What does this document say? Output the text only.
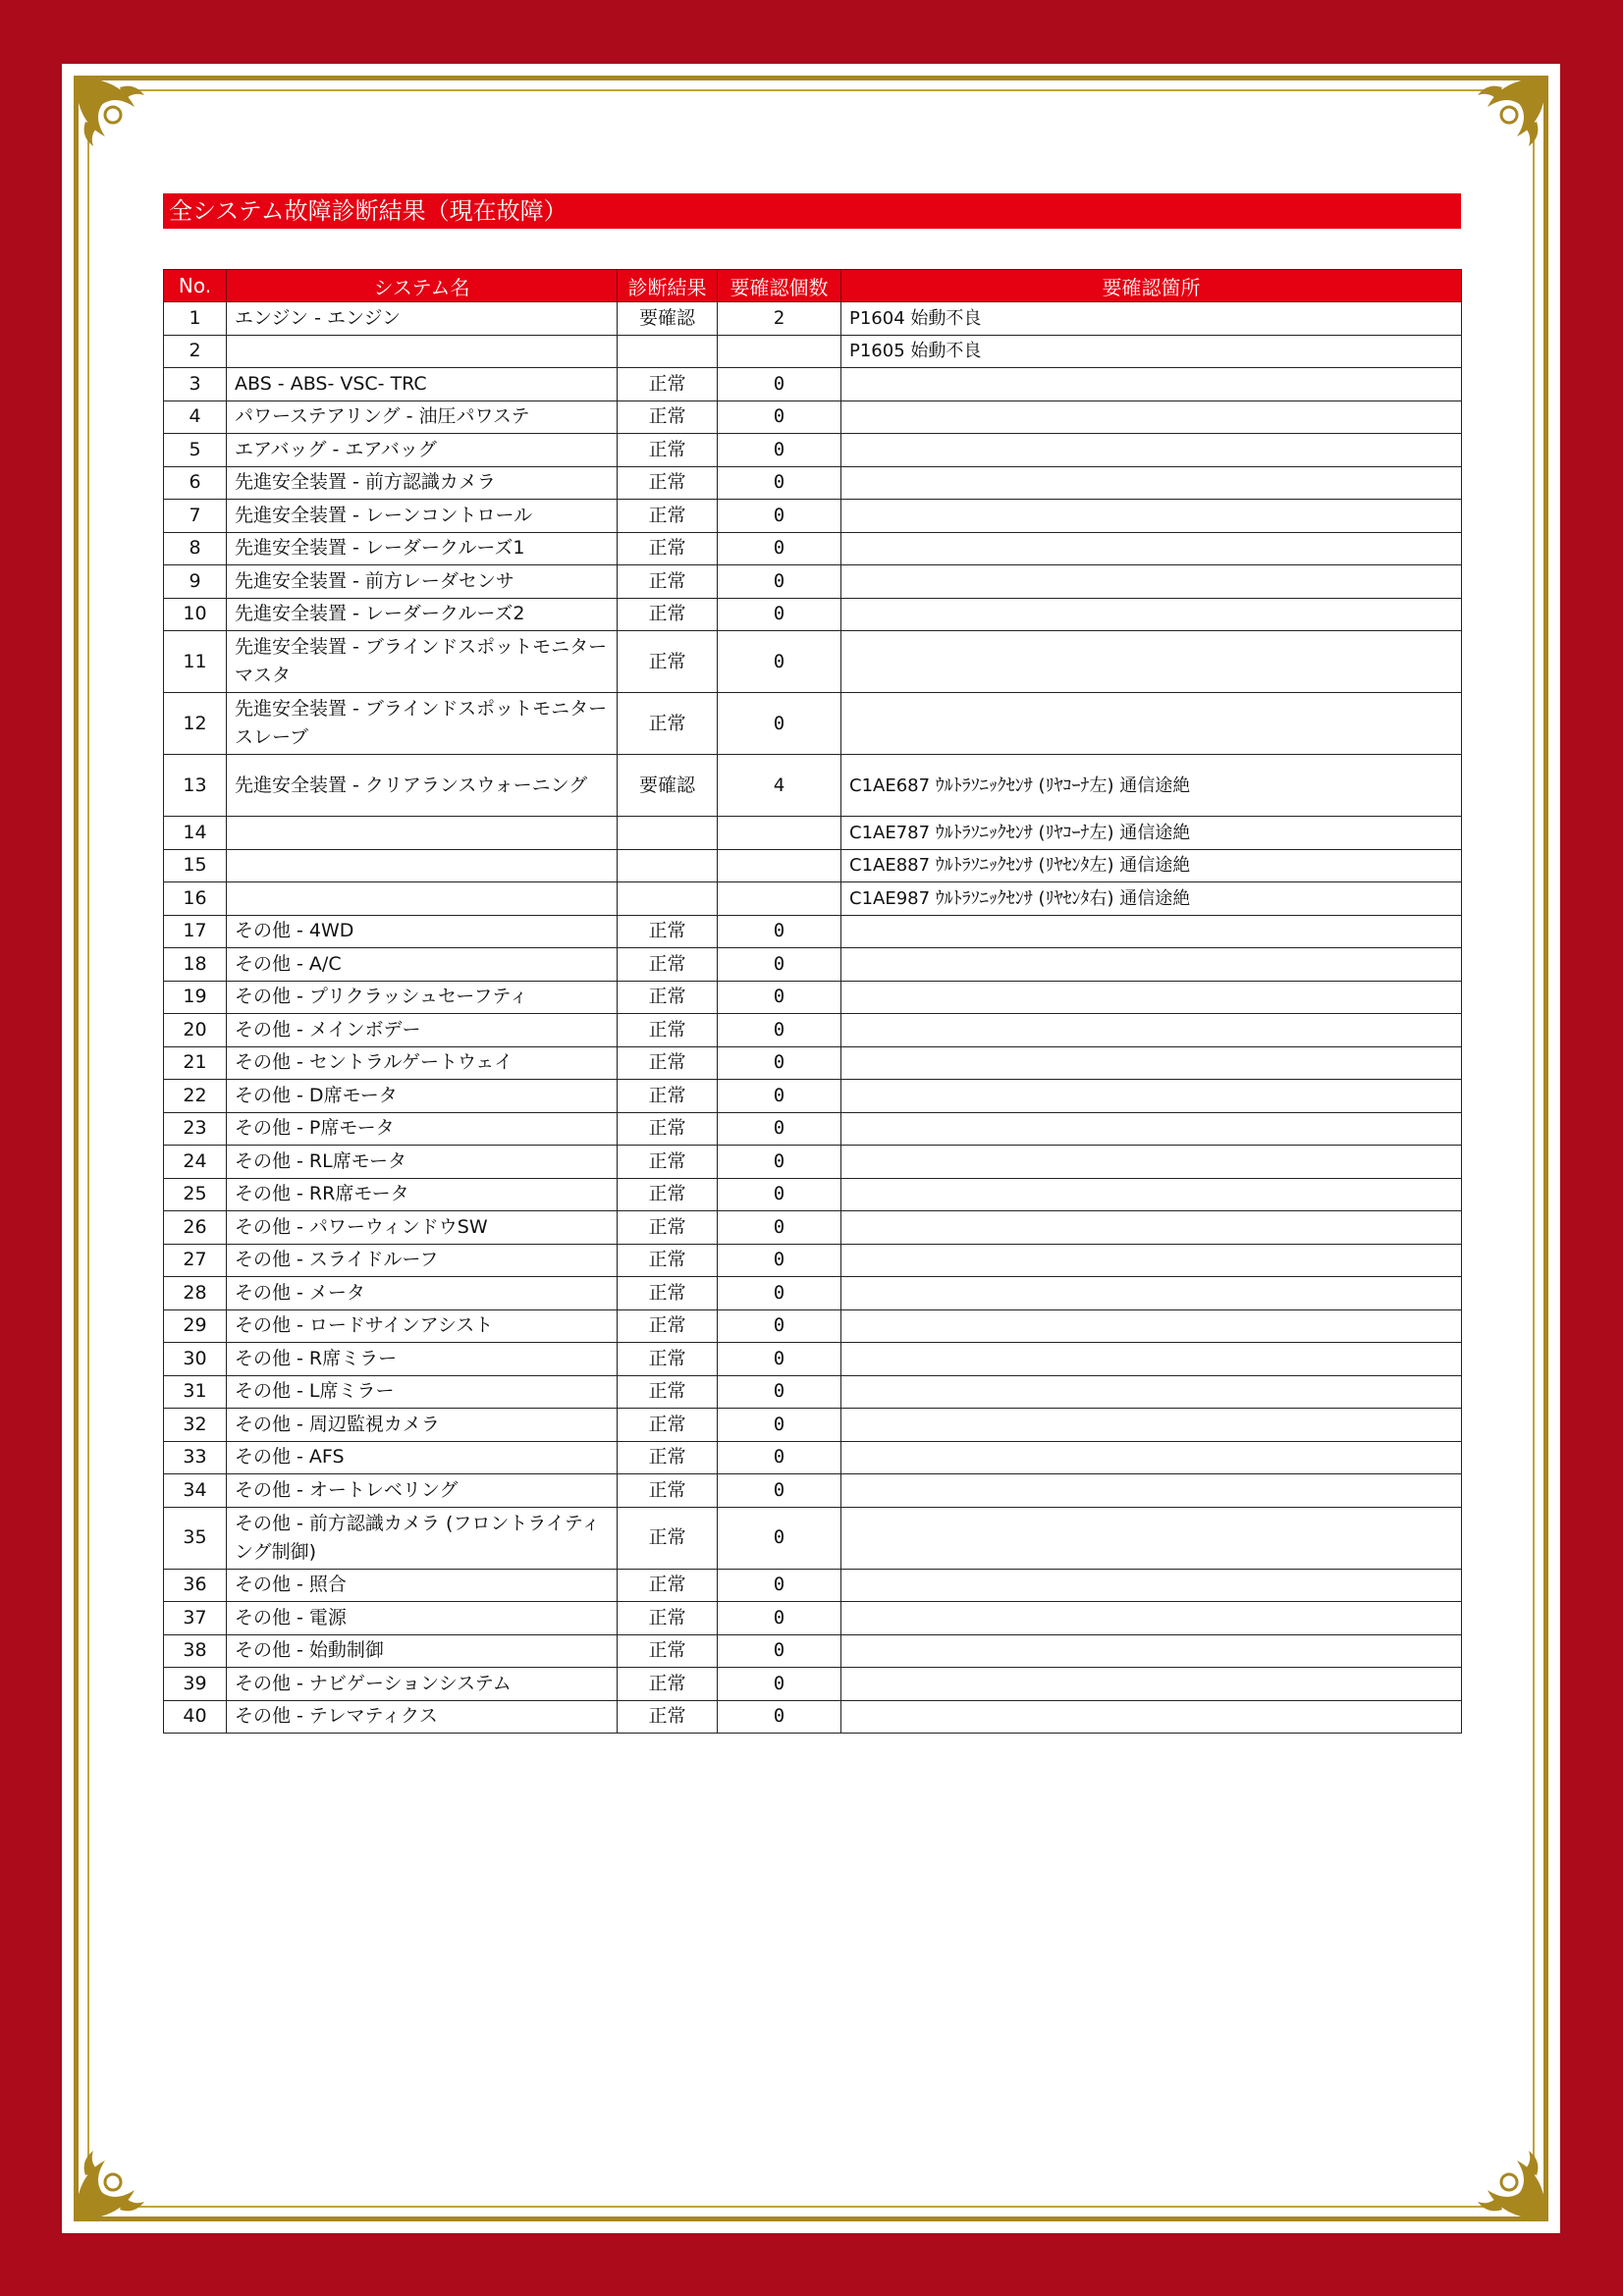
全システム故障診断結果（現在故障）
No.	システム名	診断結果	要確認個数	要確認箇所
1	エンジン - エンジン	要確認	2	P1604 始動不良
2				P1605 始動不良
3	ABS - ABS- VSC- TRC	正常	0	
4	パワーステアリング - 油圧パワステ	正常	0	
5	エアバッグ - エアバッグ	正常	0	
6	先進安全装置 - 前方認識カメラ	正常	0	
7	先進安全装置 - レーンコントロール	正常	0	
8	先進安全装置 - レーダークルーズ1	正常	0	
9	先進安全装置 - 前方レーダセンサ	正常	0	
10	先進安全装置 - レーダークルーズ2	正常	0	
11	先進安全装置 - ブラインドスポットモニター マスタ	正常	0	
12	先進安全装置 - ブラインドスポットモニター スレーブ	正常	0	
13	先進安全装置 - クリアランスウォーニング	要確認	4	C1AE687 ｳﾙﾄﾗｿﾆｯｸｾﾝｻ (ﾘﾔｺｰﾅ左) 通信途絶
14				C1AE787 ｳﾙﾄﾗｿﾆｯｸｾﾝｻ (ﾘﾔｺｰﾅ左) 通信途絶
15				C1AE887 ｳﾙﾄﾗｿﾆｯｸｾﾝｻ (ﾘﾔｾﾝﾀ左) 通信途絶
16				C1AE987 ｳﾙﾄﾗｿﾆｯｸｾﾝｻ (ﾘﾔｾﾝﾀ右) 通信途絶
17	その他 - 4WD	正常	0	
18	その他 - A/C	正常	0	
19	その他 - プリクラッシュセーフティ	正常	0	
20	その他 - メインボデー	正常	0	
21	その他 - セントラルゲートウェイ	正常	0	
22	その他 - D席モータ	正常	0	
23	その他 - P席モータ	正常	0	
24	その他 - RL席モータ	正常	0	
25	その他 - RR席モータ	正常	0	
26	その他 - パワーウィンドウSW	正常	0	
27	その他 - スライドルーフ	正常	0	
28	その他 - メータ	正常	0	
29	その他 - ロードサインアシスト	正常	0	
30	その他 - R席ミラー	正常	0	
31	その他 - L席ミラー	正常	0	
32	その他 - 周辺監視カメラ	正常	0	
33	その他 - AFS	正常	0	
34	その他 - オートレベリング	正常	0	
35	その他 - 前方認識カメラ (フロントライティング制御)	正常	0	
36	その他 - 照合	正常	0	
37	その他 - 電源	正常	0	
38	その他 - 始動制御	正常	0	
39	その他 - ナビゲーションシステム	正常	0	
40	その他 - テレマティクス	正常	0	
